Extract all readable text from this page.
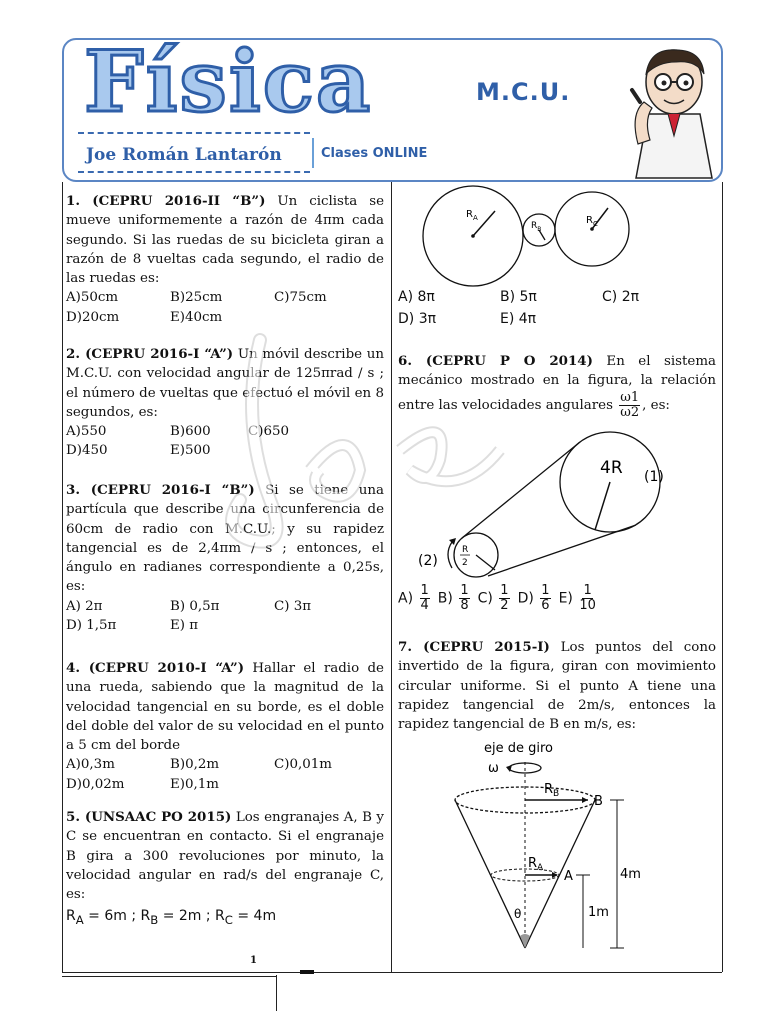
Física	M.C.U.
Joe Román Lantarón	Clases ONLINE
1
1. (CEPRU 2016-II “B”) Un ciclista se mueve uniformemente a razón de 4πm cada segundo. Si las ruedas de su bicicleta giran a razón de 8 vueltas cada segundo, el radio de las ruedas es:
A)50cm	B)25cm	C)75cm
D)20cm	E)40cm
2. (CEPRU 2016-I “A”) Un móvil describe un M.C.U. con velocidad angular de 125πrad / s ; el número de vueltas que efectuó el móvil en 8 segundos, es:
A)550	B)600	C)650
D)450	E)500
3. (CEPRU 2016-I “B”) Si se tiene una partícula que describe una circunferencia de 60cm de radio con M.C.U.; y su rapidez tangencial es de 2,4πm / s ; entonces, el ángulo en radianes correspondiente a 0,25s, es:
A) 2π	B) 0,5π	C) 3π
D) 1,5π	E) π
4. (CEPRU 2010-I “A”) Hallar el radio de una rueda, sabiendo que la magnitud de la velocidad tangencial en su borde, es el doble del doble del valor de su velocidad en el punto a 5 cm del borde
A)0,3m	B)0,2m	C)0,01m
D)0,02m	E)0,1m
5. (UNSAAC PO 2015) Los engranajes A, B y C se encuentran en contacto. Si el engranaje B gira a 300 revoluciones por minuto, la velocidad angular en rad/s del engranaje C, es:
$R_A = 6m$ ; $R_B = 2m$ ; $R_C = 4m$
$R_A$
$R_B$
$R_C$
A) 8π	B) 5π	C) 2π
D) 3π	E) 4π
6. (CEPRU P O 2014) En el sistema mecánico mostrado en la figura, la relación entre las velocidades angulares $\frac{\omega 1}{\omega 2}$ , es:
4R (1)
R
2
(2)
$A) \frac{1}{4} B) \frac{1}{8} C) \frac{1}{2} D) \frac{1}{6} E) \frac{1}{10}$
7. (CEPRU 2015-I) Los puntos del cono invertido de la figura, giran con movimiento circular uniforme. Si el punto A tiene una rapidez tangencial de 2m/s, entonces la rapidez tangencial de B en m/s, es:
eje de giro
ω
$R_B$	B
$R_A$
A
θ
4m
1m
